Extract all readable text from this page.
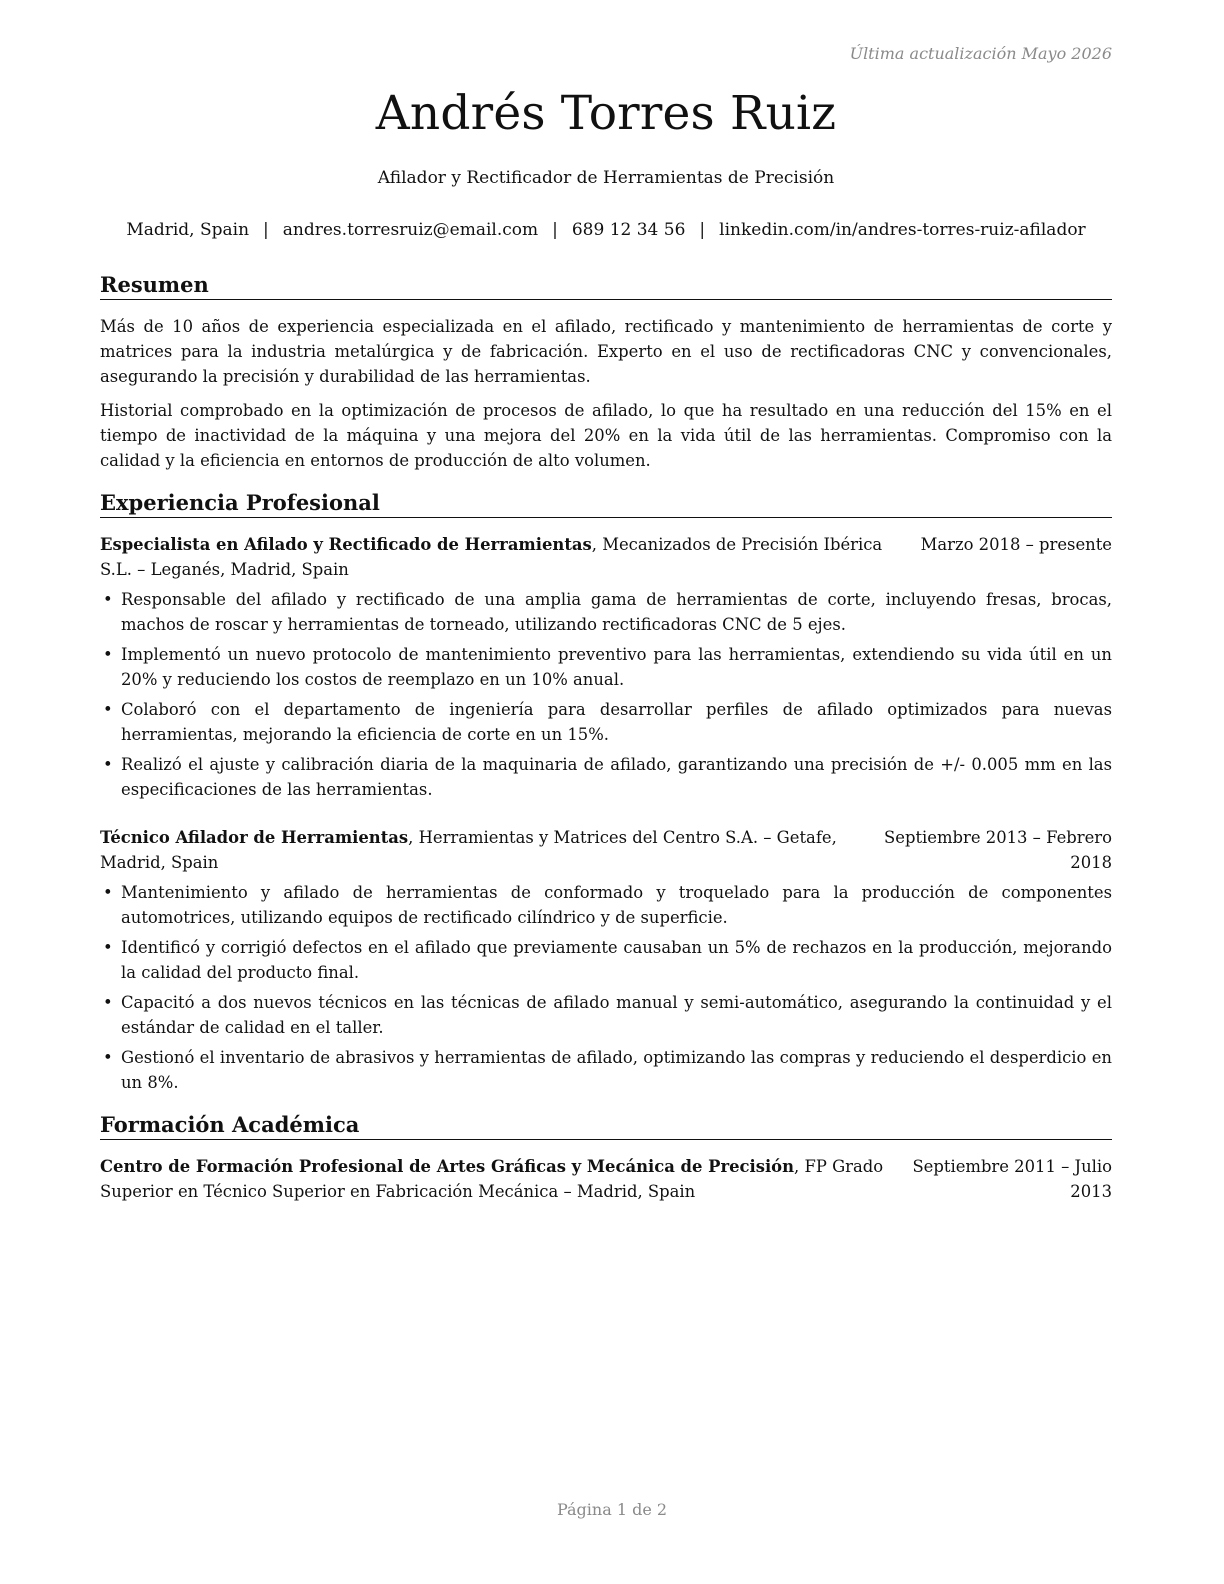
Última actualización Mayo 2026
Andrés Torres Ruiz
Afilador y Rectificador de Herramientas de Precisión
Madrid, Spain | andres.torresruiz@email.com | 689 12 34 56 | linkedin.com/in/andres-torres-ruiz-afilador
Resumen
Más de 10 años de experiencia especializada en el afilado, rectificado y mantenimiento de herramientas de corte y matrices para la industria metalúrgica y de fabricación. Experto en el uso de rectificadoras CNC y convencionales, asegurando la precisión y durabilidad de las herramientas.
Historial comprobado en la optimización de procesos de afilado, lo que ha resultado en una reducción del 15% en el tiempo de inactividad de la máquina y una mejora del 20% en la vida útil de las herramientas. Compromiso con la calidad y la eficiencia en entornos de producción de alto volumen.
Experiencia Profesional
Especialista en Afilado y Rectificado de Herramientas, Mecanizados de Precisión Ibérica
S.L. – Leganés, Madrid, Spain
Marzo 2018 – presente
• Responsable del afilado y rectificado de una amplia gama de herramientas de corte, incluyendo fresas, brocas, machos de roscar y herramientas de torneado, utilizando rectificadoras CNC de 5 ejes.
• Implementó un nuevo protocolo de mantenimiento preventivo para las herramientas, extendiendo su vida útil en un 20% y reduciendo los costos de reemplazo en un 10% anual.
• Colaboró con el departamento de ingeniería para desarrollar perfiles de afilado optimizados para nuevas herramientas, mejorando la eficiencia de corte en un 15%.
• Realizó el ajuste y calibración diaria de la maquinaria de afilado, garantizando una precisión de +/- 0.005 mm en las especificaciones de las herramientas.
Técnico Afilador de Herramientas, Herramientas y Matrices del Centro S.A. – Getafe,
Madrid, Spain
Septiembre 2013 – Febrero
2018
• Mantenimiento y afilado de herramientas de conformado y troquelado para la producción de componentes automotrices, utilizando equipos de rectificado cilíndrico y de superficie.
• Identificó y corrigió defectos en el afilado que previamente causaban un 5% de rechazos en la producción, mejorando la calidad del producto final.
• Capacitó a dos nuevos técnicos en las técnicas de afilado manual y semi-automático, asegurando la continuidad y el estándar de calidad en el taller.
• Gestionó el inventario de abrasivos y herramientas de afilado, optimizando las compras y reduciendo el desperdicio en un 8%.
Formación Académica
Centro de Formación Profesional de Artes Gráficas y Mecánica de Precisión, FP Grado
Superior en Técnico Superior en Fabricación Mecánica – Madrid, Spain
Septiembre 2011 – Julio
2013
Página 1 de 2
